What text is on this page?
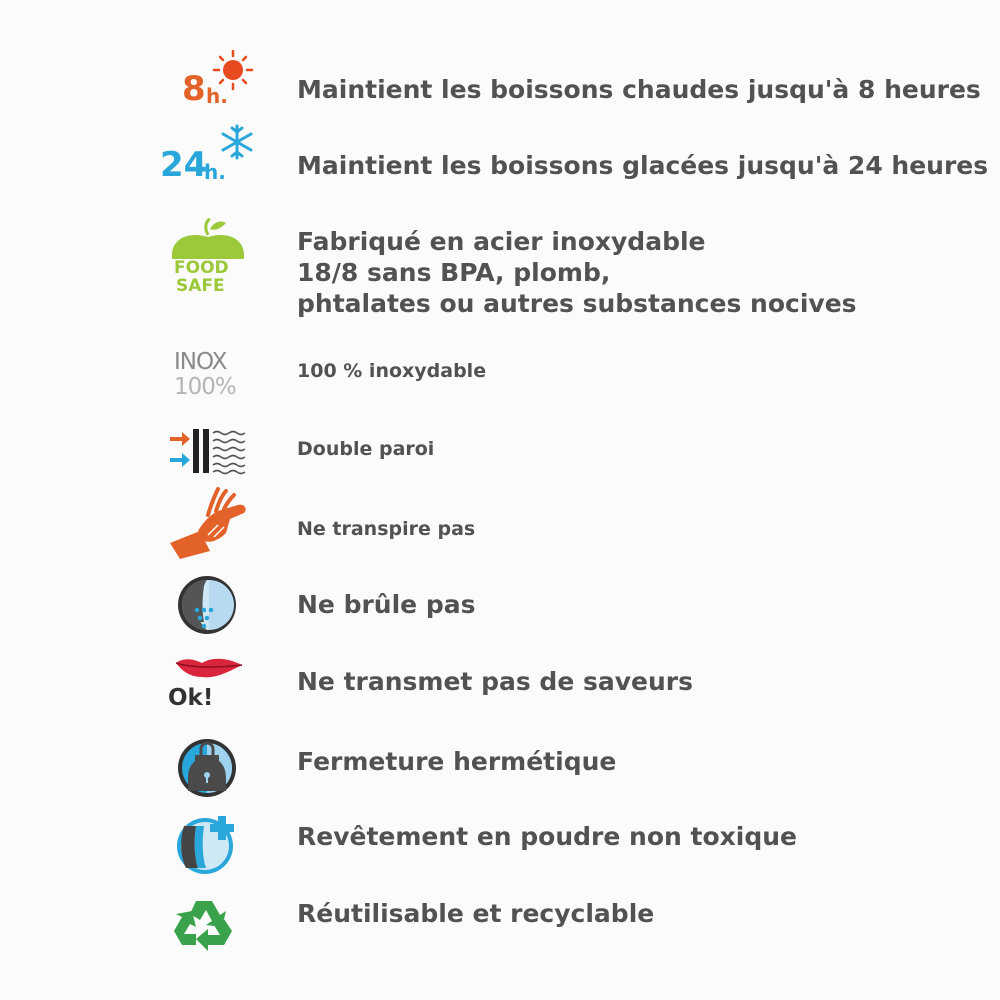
8 h.	Maintient les boissons chaudes jusqu'à 8 heures
24
h.	Maintient les boissons glacées jusqu'à 24 heures
FOOD
SAFE
Fabriqué en acier inoxydable
18/8 sans BPA, plomb,
phtalates ou autres substances nocives
INOX
100%
100 % inoxydable
Double paroi
Ne transpire pas
Ne brûle pas
Ok!
Ne transmet pas de saveurs
Fermeture hermétique
Revêtement en poudre non toxique
Réutilisable et recyclable
